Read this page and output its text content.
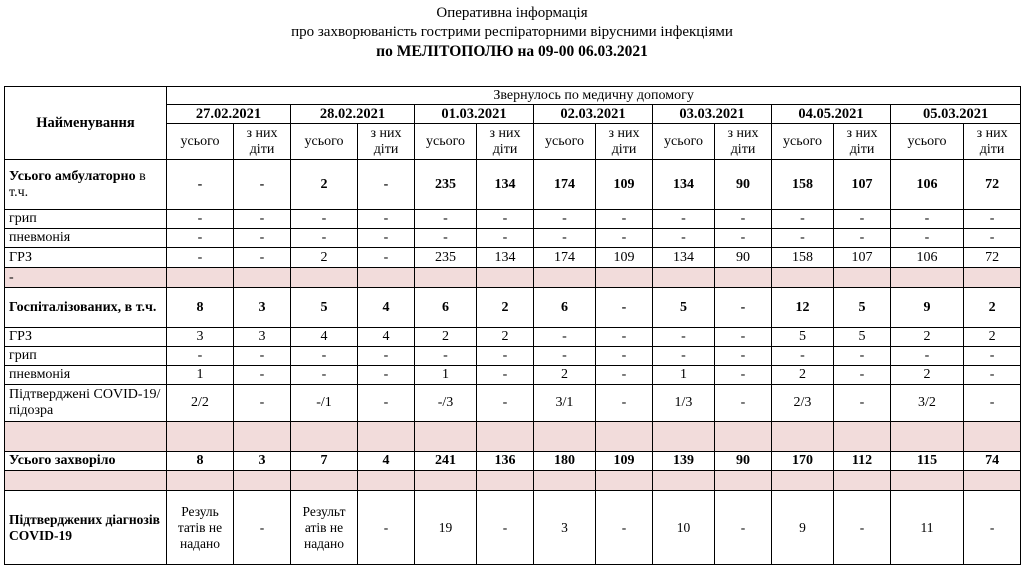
Оперативна інформація
про захворюваність гострими респіраторними вірусними інфекціями
по МЕЛІТОПОЛЮ на 09-00 06.03.2021
Найменування	Звернулось по медичну допомогу													
	27.02.2021		28.02.2021		01.03.2021		02.03.2021		03.03.2021		04.05.2021		05.03.2021	
	усього	з них діти	усього	з них діти	усього	з них діти	усього	з них діти	усього	з них діти	усього	з них діти	усього	з них діти
Усього амбулаторно в т.ч.	-	-	2	-	235	134	174	109	134	90	158	107	106	72
грип	-	-	-	-	-	-	-	-	-	-	-	-	-	-
пневмонія	-	-	-	-	-	-	-	-	-	-	-	-	-	-
ГРЗ	-	-	2	-	235	134	174	109	134	90	158	107	106	72
-														
Госпіталізованих, в т.ч.	8	3	5	4	6	2	6	-	5	-	12	5	9	2
ГРЗ	3	3	4	4	2	2	-	-	-	-	5	5	2	2
грип	-	-	-	-	-	-	-	-	-	-	-	-	-	-
пневмонія	1	-	-	-	1	-	2	-	1	-	2	-	2	-
Підтверджені COVID-19/підозра	2/2	-	-/1	-	-/3	-	3/1	-	1/3	-	2/3	-	3/2	-

Усього захворіло	8	3	7	4	241	136	180	109	139	90	170	112	115	74

Підтверджених діагнозів COVID-19	Резуль татів не надано	-	Результ атів не надано	-	19	-	3	-	10	-	9	-	11	-
